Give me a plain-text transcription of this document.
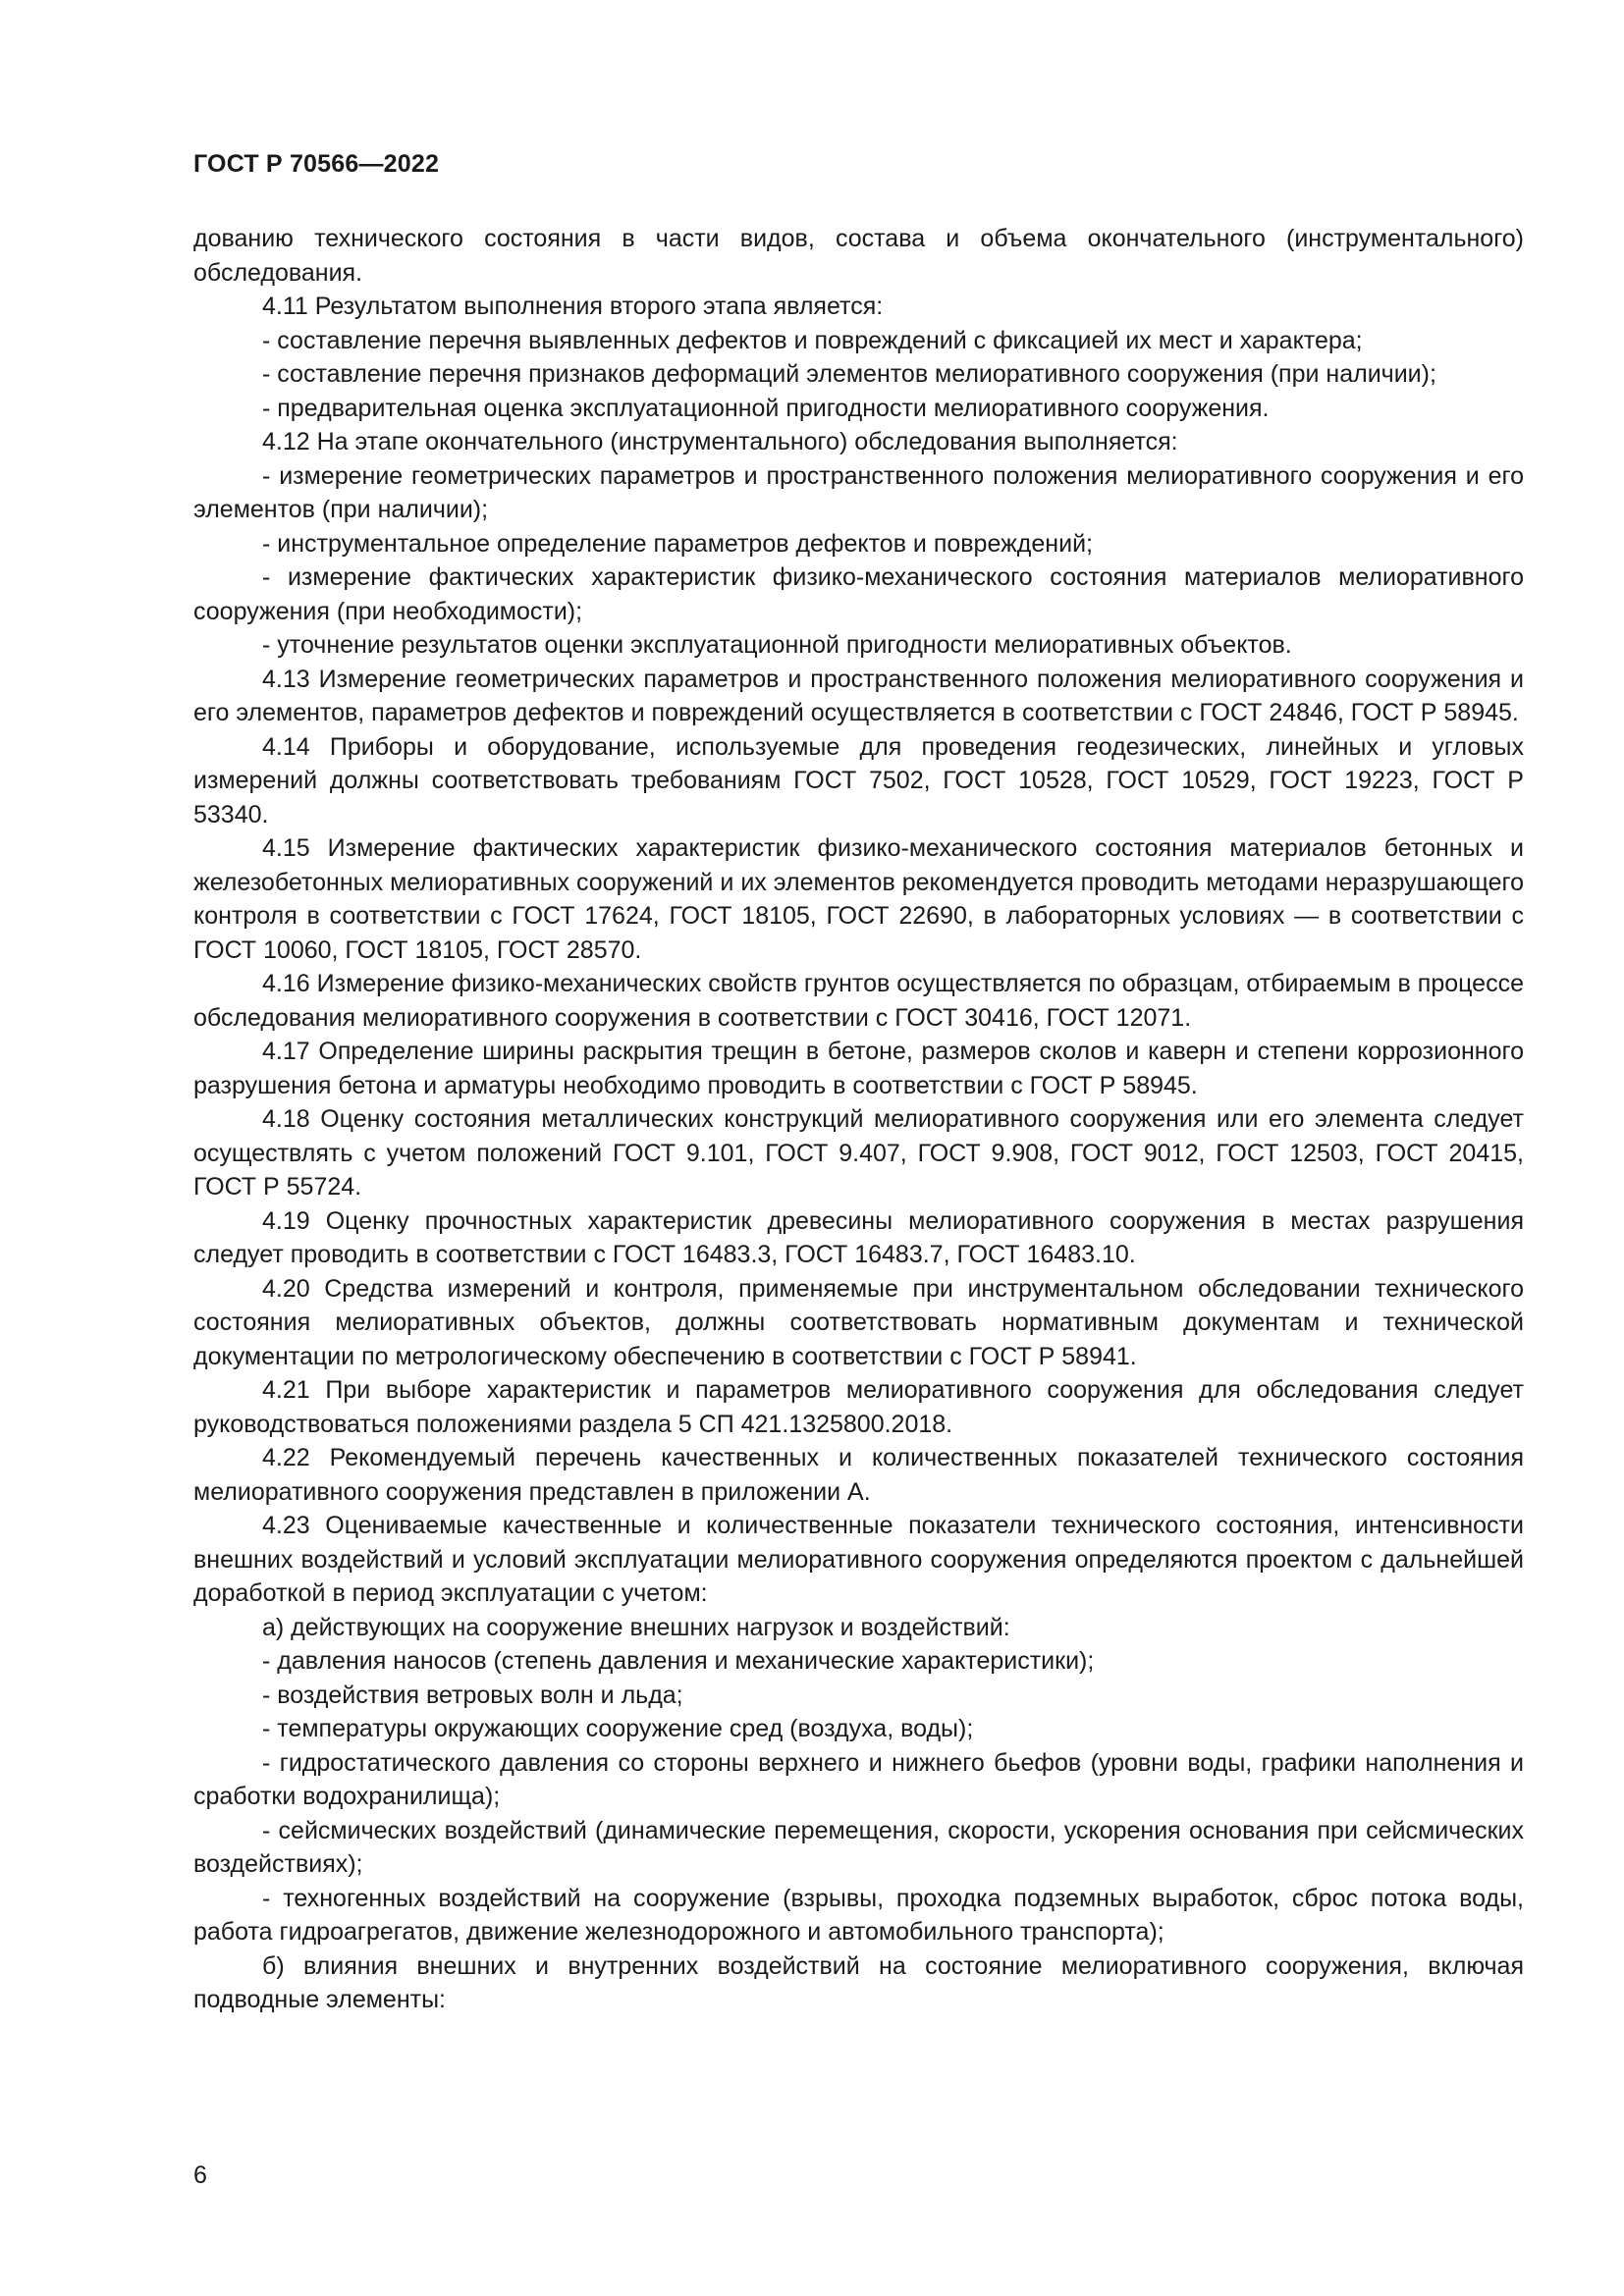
ГОСТ Р 70566—2022

дованию технического состояния в части видов, состава и объема окончательного (инструментального) обследования.

4.11 Результатом выполнения второго этапа является:

- составление перечня выявленных дефектов и повреждений с фиксацией их мест и характера;

- составление перечня признаков деформаций элементов мелиоративного сооружения (при наличии);

- предварительная оценка эксплуатационной пригодности мелиоративного сооружения.

4.12 На этапе окончательного (инструментального) обследования выполняется:

- измерение геометрических параметров и пространственного положения мелиоративного сооружения и его элементов (при наличии);

- инструментальное определение параметров дефектов и повреждений;

- измерение фактических характеристик физико-механического состояния материалов мелиоративного сооружения (при необходимости);

- уточнение результатов оценки эксплуатационной пригодности мелиоративных объектов.

4.13 Измерение геометрических параметров и пространственного положения мелиоративного сооружения и его элементов, параметров дефектов и повреждений осуществляется в соответствии с ГОСТ 24846, ГОСТ Р 58945.

4.14 Приборы и оборудование, используемые для проведения геодезических, линейных и угловых измерений должны соответствовать требованиям ГОСТ 7502, ГОСТ 10528, ГОСТ 10529, ГОСТ 19223, ГОСТ Р 53340.

4.15 Измерение фактических характеристик физико-механического состояния материалов бетонных и железобетонных мелиоративных сооружений и их элементов рекомендуется проводить методами неразрушающего контроля в соответствии с ГОСТ 17624, ГОСТ 18105, ГОСТ 22690, в лабораторных условиях — в соответствии с ГОСТ 10060, ГОСТ 18105, ГОСТ 28570.

4.16 Измерение физико-механических свойств грунтов осуществляется по образцам, отбираемым в процессе обследования мелиоративного сооружения в соответствии с ГОСТ 30416, ГОСТ 12071.

4.17 Определение ширины раскрытия трещин в бетоне, размеров сколов и каверн и степени коррозионного разрушения бетона и арматуры необходимо проводить в соответствии с ГОСТ Р 58945.

4.18 Оценку состояния металлических конструкций мелиоративного сооружения или его элемента следует осуществлять с учетом положений ГОСТ 9.101, ГОСТ 9.407, ГОСТ 9.908, ГОСТ 9012, ГОСТ 12503, ГОСТ 20415, ГОСТ Р 55724.

4.19 Оценку прочностных характеристик древесины мелиоративного сооружения в местах разрушения следует проводить в соответствии с ГОСТ 16483.3, ГОСТ 16483.7, ГОСТ 16483.10.

4.20 Средства измерений и контроля, применяемые при инструментальном обследовании технического состояния мелиоративных объектов, должны соответствовать нормативным документам и технической документации по метрологическому обеспечению в соответствии с ГОСТ Р 58941.

4.21 При выборе характеристик и параметров мелиоративного сооружения для обследования следует руководствоваться положениями раздела 5 СП 421.1325800.2018.

4.22 Рекомендуемый перечень качественных и количественных показателей технического состояния мелиоративного сооружения представлен в приложении А.

4.23 Оцениваемые качественные и количественные показатели технического состояния, интенсивности внешних воздействий и условий эксплуатации мелиоративного сооружения определяются проектом с дальнейшей доработкой в период эксплуатации с учетом:

а) действующих на сооружение внешних нагрузок и воздействий:

- давления наносов (степень давления и механические характеристики);

- воздействия ветровых волн и льда;

- температуры окружающих сооружение сред (воздуха, воды);

- гидростатического давления со стороны верхнего и нижнего бьефов (уровни воды, графики наполнения и сработки водохранилища);

- сейсмических воздействий (динамические перемещения, скорости, ускорения основания при сейсмических воздействиях);

- техногенных воздействий на сооружение (взрывы, проходка подземных выработок, сброс потока воды, работа гидроагрегатов, движение железнодорожного и автомобильного транспорта);

б) влияния внешних и внутренних воздействий на состояние мелиоративного сооружения, включая подводные элементы:

6
